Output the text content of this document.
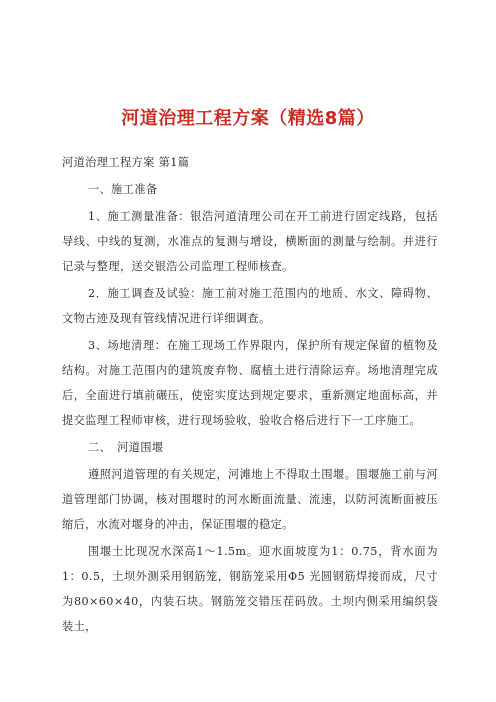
河道治理工程方案（精选8篇）

河道治理工程方案 第1篇

一、施工准备

1、施工测量准备：银浩河道清理公司在开工前进行固定线路，包括导线、中线的复测，水准点的复测与增设，横断面的测量与绘制。并进行记录与整理，送交银浩公司监理工程师核查。

2．施工调查及试验：施工前对施工范围内的地质、水文、障碍物、文物古迹及现有管线情况进行详细调查。

3、场地清理：在施工现场工作界限内，保护所有规定保留的植物及结构。对施工范围内的建筑废弃物、腐植土进行清除运弃。场地清理完成后，全面进行填前碾压，使密实度达到规定要求，重新测定地面标高，并提交监理工程师审核，进行现场验收，验收合格后进行下一工序施工。

二、　河道围堰

遵照河道管理的有关规定，河滩地上不得取土围堰。围堰施工前与河道管理部门协调，核对围堰时的河水断面流量、流速，以防河流断面被压缩后，水流对堰身的冲击，保证围堰的稳定。

围堰土比现况水深高1～1.5m。迎水面坡度为1：0.75，背水面为1：0.5，土坝外测采用钢筋笼，钢筋笼采用Φ5 光圆钢筋焊接而成，尺寸为80×60×40，内装石块。钢筋笼交错压茬码放。土坝内侧采用编织袋装土，
